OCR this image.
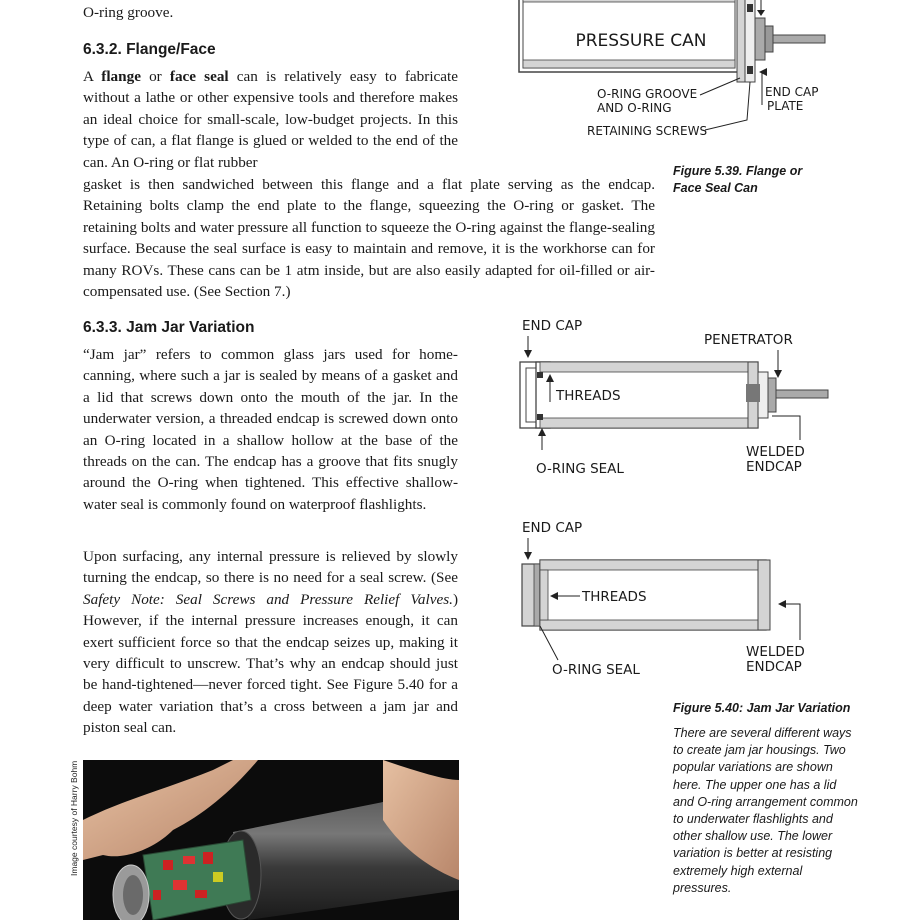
O-ring groove.

6.3.2. Flange/Face

A flange or face seal can is relatively easy to fabricate without a lathe or other expensive tools and therefore makes an ideal choice for small-scale, low-budget projects. In this type of can, a flat flange is glued or welded to the end of the can. An O-ring or flat rubber

gasket is then sandwiched between this flange and a flat plate serving as the endcap. Retaining bolts clamp the end plate to the flange, squeezing the O-ring or gasket. The retaining bolts and water pressure all function to squeeze the O-ring against the flange-sealing surface. Because the seal surface is easy to maintain and remove, it is the workhorse can for many ROVs. These cans can be 1 atm inside, but are also easily adapted for oil-filled or air-compensated use. (See Section 7.)

6.3.3. Jam Jar Variation

“Jam jar” refers to common glass jars used for home-canning, where such a jar is sealed by means of a gasket and a lid that screws down onto the mouth of the jar. In the underwater version, a threaded endcap is screwed down onto an O-ring located in a shallow hollow at the base of the threads on the can. The endcap has a groove that fits snugly around the O-ring when tightened. This effective shallow-water seal is commonly found on waterproof flashlights.

Upon surfacing, any internal pressure is relieved by slowly turning the endcap, so there is no need for a seal screw. (See Safety Note: Seal Screws and Pressure Relief Valves.) However, if the internal pressure increases enough, it can exert sufficient force so that the endcap seizes up, making it very difficult to unscrew. That’s why an endcap should just be hand-tightened—never forced tight. See Figure 5.40 for a deep water variation that’s a cross between a jam jar and piston seal can.

PRESSURE CAN
O-RING GROOVE
AND O-RING
END CAP
PLATE
RETAINING SCREWS

Figure 5.39. Flange or

Face Seal Can

END CAP
PENETRATOR
THREADS
O-RING SEAL
WELDED
ENDCAP
END CAP
THREADS
O-RING SEAL
WELDED
ENDCAP

Figure 5.40: Jam Jar Variation

There are several different ways to create jam jar housings. Two popular variations are shown here. The upper one has a lid and O-ring arrangement common to underwater flashlights and other shallow use. The lower variation is better at resisting extremely high external pressures.

Image courtesy of Harry Bohm
